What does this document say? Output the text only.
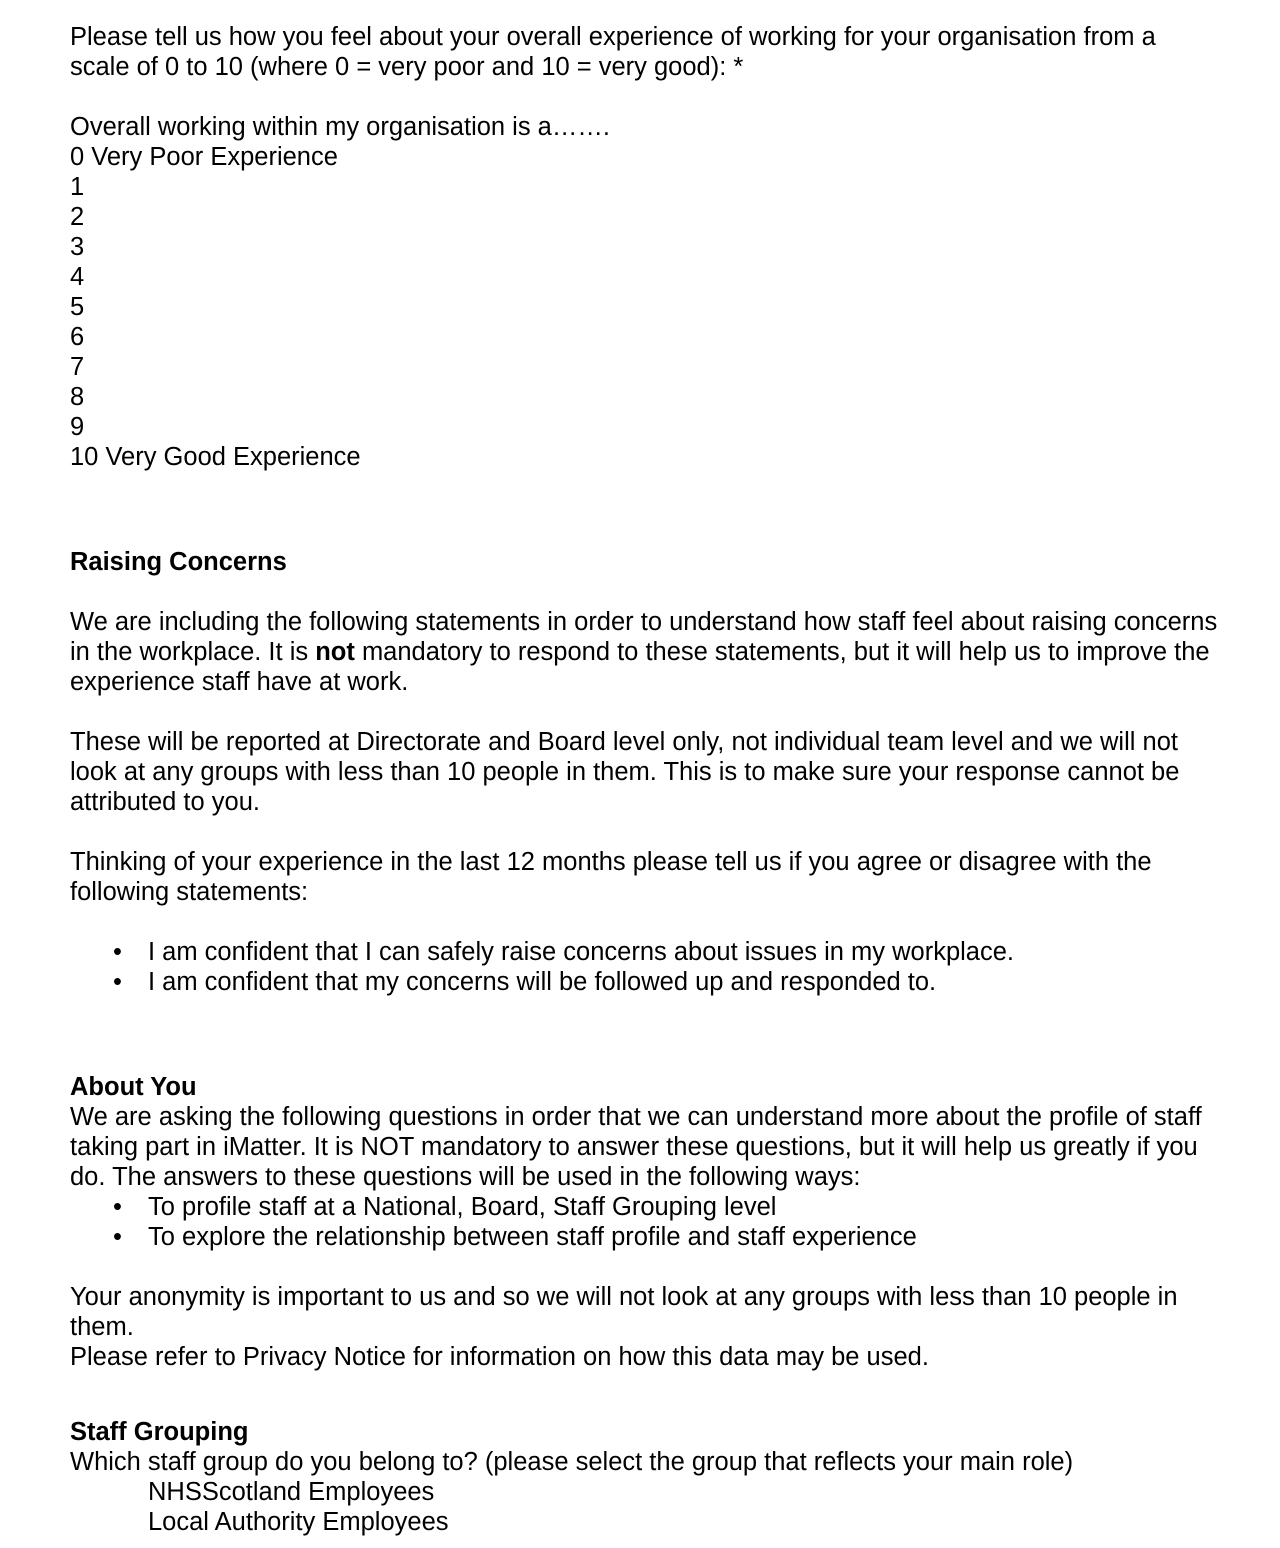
Please tell us how you feel about your overall experience of working for your organisation from a scale of 0 to 10 (where 0 = very poor and 10 = very good): *

Overall working within my organisation is a…….

0 Very Poor Experience
1
2
3
4
5
6
7
8
9
10 Very Good Experience
Raising Concerns

We are including the following statements in order to understand how staff feel about raising concerns in the workplace. It is not mandatory to respond to these statements, but it will help us to improve the experience staff have at work.

These will be reported at Directorate and Board level only, not individual team level and we will not look at any groups with less than 10 people in them. This is to make sure your response cannot be attributed to you.

Thinking of your experience in the last 12 months please tell us if you agree or disagree with the following statements:

• I am confident that I can safely raise concerns about issues in my workplace.
• I am confident that my concerns will be followed up and responded to.
About You

We are asking the following questions in order that we can understand more about the profile of staff taking part in iMatter. It is NOT mandatory to answer these questions, but it will help us greatly if you do. The answers to these questions will be used in the following ways:

• To profile staff at a National, Board, Staff Grouping level
• To explore the relationship between staff profile and staff experience

Your anonymity is important to us and so we will not look at any groups with less than 10 people in them.

Please refer to Privacy Notice for information on how this data may be used.

Staff Grouping

Which staff group do you belong to? (please select the group that reflects your main role)

NHSScotland Employees

Local Authority Employees
